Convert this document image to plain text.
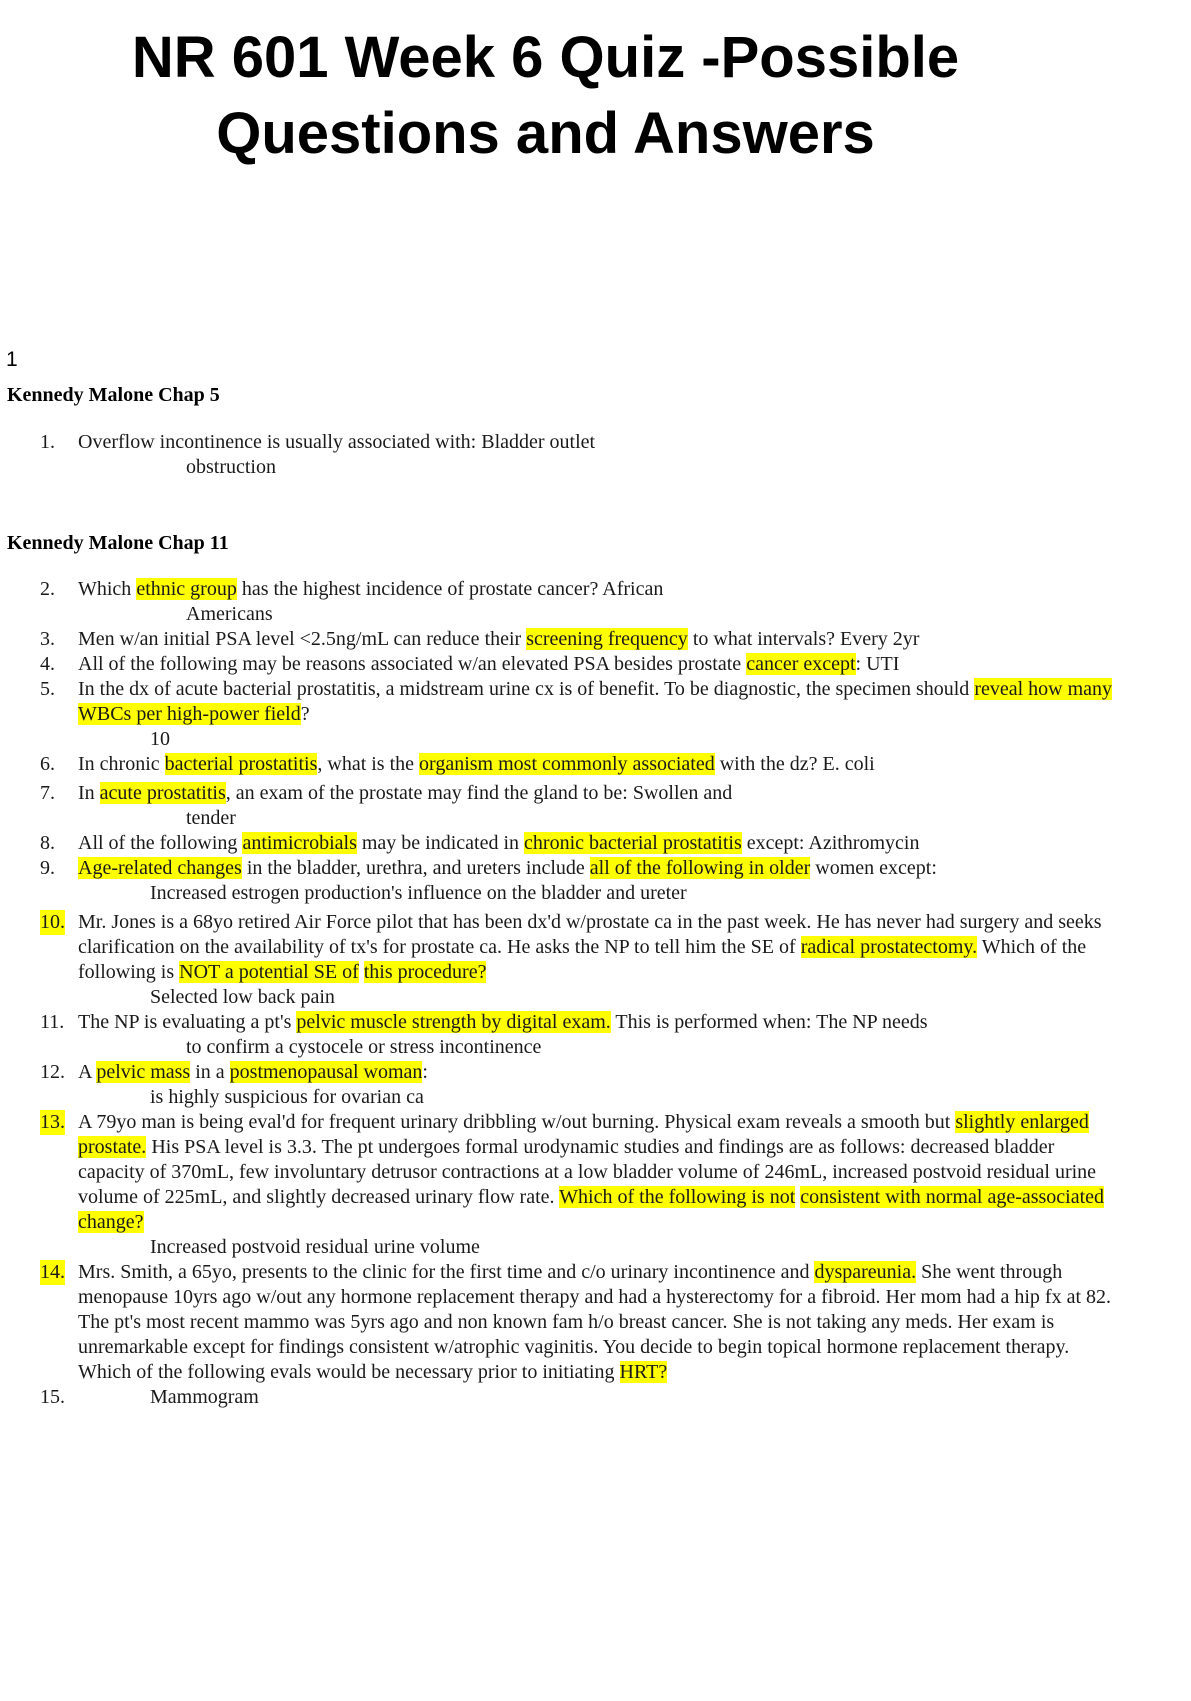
NR 601 Week 6 Quiz -Possible
Questions and Answers
1
Kennedy Malone Chap 5
1. Overflow incontinence is usually associated with: Bladder outlet
obstruction
Kennedy Malone Chap 11
2. Which ethnic group has the highest incidence of prostate cancer? African
Americans
3. Men w/an initial PSA level <2.5ng/mL can reduce their screening frequency to what intervals? Every 2yr
4. All of the following may be reasons associated w/an elevated PSA besides prostate cancer except: UTI
5. In the dx of acute bacterial prostatitis, a midstream urine cx is of benefit. To be diagnostic, the specimen should reveal how many WBCs per high-power field?
10
6. In chronic bacterial prostatitis, what is the organism most commonly associated with the dz? E. coli
7. In acute prostatitis, an exam of the prostate may find the gland to be: Swollen and
tender
8. All of the following antimicrobials may be indicated in chronic bacterial prostatitis except: Azithromycin
9. Age-related changes in the bladder, urethra, and ureters include all of the following in older women except:
Increased estrogen production's influence on the bladder and ureter
10. Mr. Jones is a 68yo retired Air Force pilot that has been dx'd w/prostate ca in the past week. He has never had surgery and seeks clarification on the availability of tx's for prostate ca. He asks the NP to tell him the SE of radical prostatectomy. Which of the following is NOT a potential SE of this procedure?
Selected low back pain
11. The NP is evaluating a pt's pelvic muscle strength by digital exam. This is performed when: The NP needs
to confirm a cystocele or stress incontinence
12. A pelvic mass in a postmenopausal woman:
is highly suspicious for ovarian ca
13. A 79yo man is being eval'd for frequent urinary dribbling w/out burning. Physical exam reveals a smooth but slightly enlarged prostate. His PSA level is 3.3. The pt undergoes formal urodynamic studies and findings are as follows: decreased bladder capacity of 370mL, few involuntary detrusor contractions at a low bladder volume of 246mL, increased postvoid residual urine volume of 225mL, and slightly decreased urinary flow rate. Which of the following is not consistent with normal age-associated change?
Increased postvoid residual urine volume
14. Mrs. Smith, a 65yo, presents to the clinic for the first time and c/o urinary incontinence and dyspareunia. She went through menopause 10yrs ago w/out any hormone replacement therapy and had a hysterectomy for a fibroid. Her mom had a hip fx at 82. The pt's most recent mammo was 5yrs ago and non known fam h/o breast cancer. She is not taking any meds. Her exam is unremarkable except for findings consistent w/atrophic vaginitis. You decide to begin topical hormone replacement therapy. Which of the following evals would be necessary prior to initiating HRT?
15.	Mammogram
